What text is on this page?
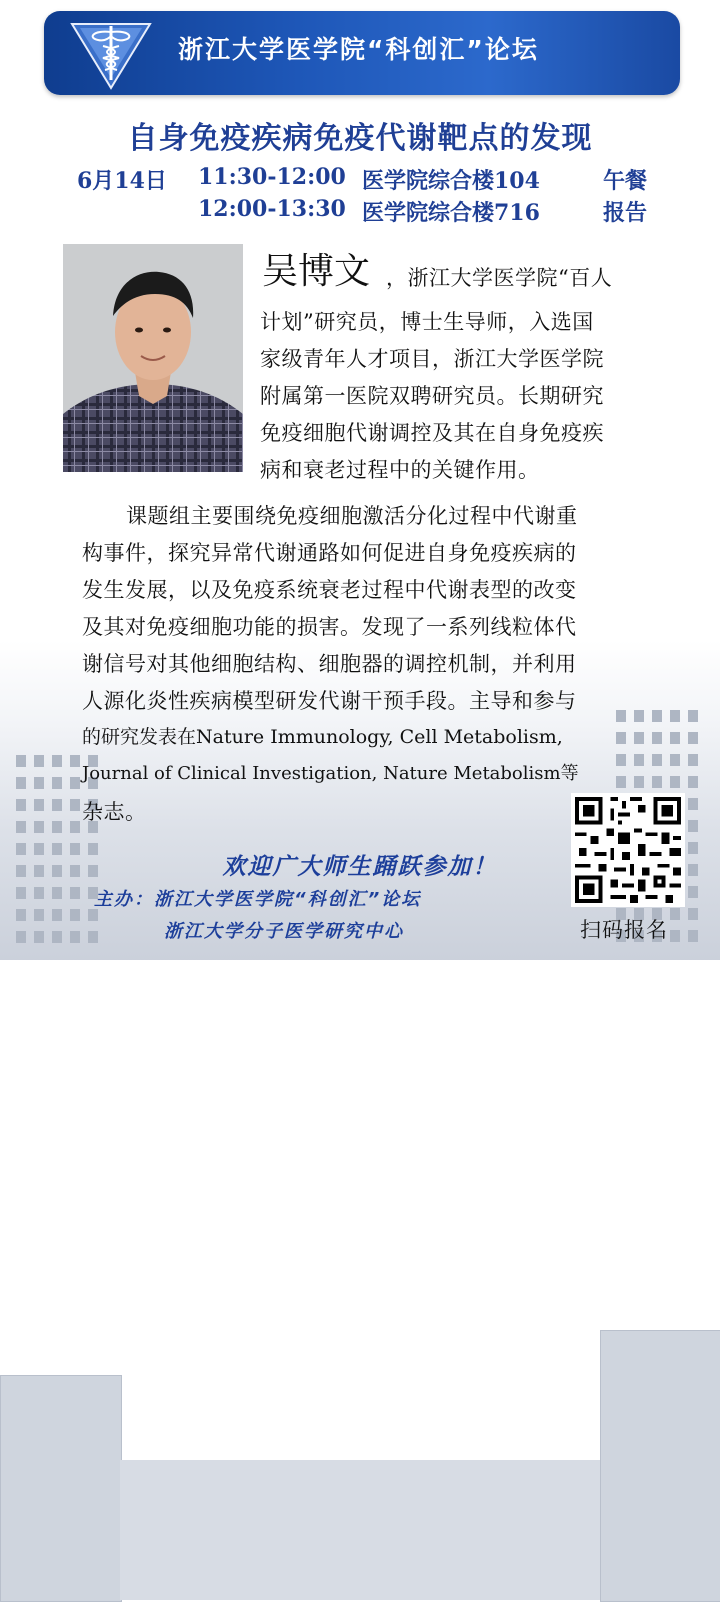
浙江大学医学院“科创汇”论坛
自身免疫疾病免疫代谢靶点的发现
6月14日 11:30-12:00 医学院综合楼104	午餐
12:00-13:30 医学院综合楼716	报告
吴博文 ，浙江大学医学院“百人
计划”研究员，博士生导师，入选国
家级青年人才项目，浙江大学医学院
附属第一医院双聘研究员。长期研究
免疫细胞代谢调控及其在自身免疫疾
病和衰老过程中的关键作用。
课题组主要围绕免疫细胞激活分化过程中代谢重
构事件，探究异常代谢通路如何促进自身免疫疾病的
发生发展，以及免疫系统衰老过程中代谢表型的改变
及其对免疫细胞功能的损害。发现了一系列线粒体代
谢信号对其他细胞结构、细胞器的调控机制，并利用
人源化炎性疾病模型研发代谢干预手段。主导和参与
的研究发表在Nature Immunology, Cell Metabolism,
Journal of Clinical Investigation, Nature Metabolism等
杂志。
扫码报名
欢迎广大师生踊跃参加！
主办：浙江大学医学院“科创汇”论坛
浙江大学分子医学研究中心
